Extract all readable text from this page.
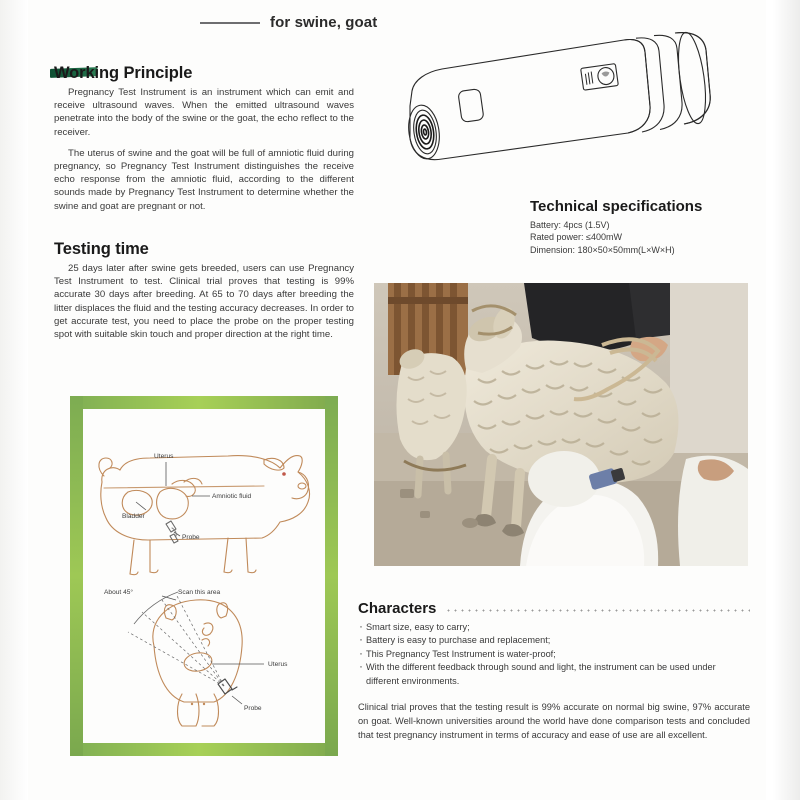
for swine, goat
Working Principle

Pregnancy Test Instrument is an instrument which can emit and receive ultrasound waves. When the emitted ultrasound waves penetrate into the body of the swine or the goat, the echo reflect to the receiver.

The uterus of swine and the goat will be full of amniotic fluid during pregnancy, so Pregnancy Test Instrument distinguishes the receive echo response from the amniotic fluid, according to the different sounds made by Pregnancy Test Instrument to determine whether the swine and goat are pregnant or not.

Testing time

25 days later after swine gets breeded, users can use Pregnancy Test Instrument to test. Clinical trial proves that testing is 99% accurate 30 days after breeding. At 65 to 70 days after breeding the litter displaces the fluid and the testing accuracy decreases. In order to get accurate test, you need to place the probe on the proper testing spot with suitable skin touch and proper direction at the right time.

Technical specifications
Battery: 4pcs (1.5V)
Rated power: ≤400mW
Dimension: 180×50×50mm(L×W×H)
Uterus
Amniotic fluid
Bladder
Probe
About 45°	Scan this area
Uterus
Probe
Characters
· Smart size, easy to carry;
· Battery is easy to purchase and replacement;
· This Pregnancy Test Instrument is water-proof;
· With the different feedback through sound and light, the instrument can be used under different environments.

Clinical trial proves that the testing result is 99% accurate on normal big swine, 97% accurate on goat. Well-known universities around the world have done comparison tests and concluded that test pregnancy instrument in terms of accuracy and ease of use are all excellent.
